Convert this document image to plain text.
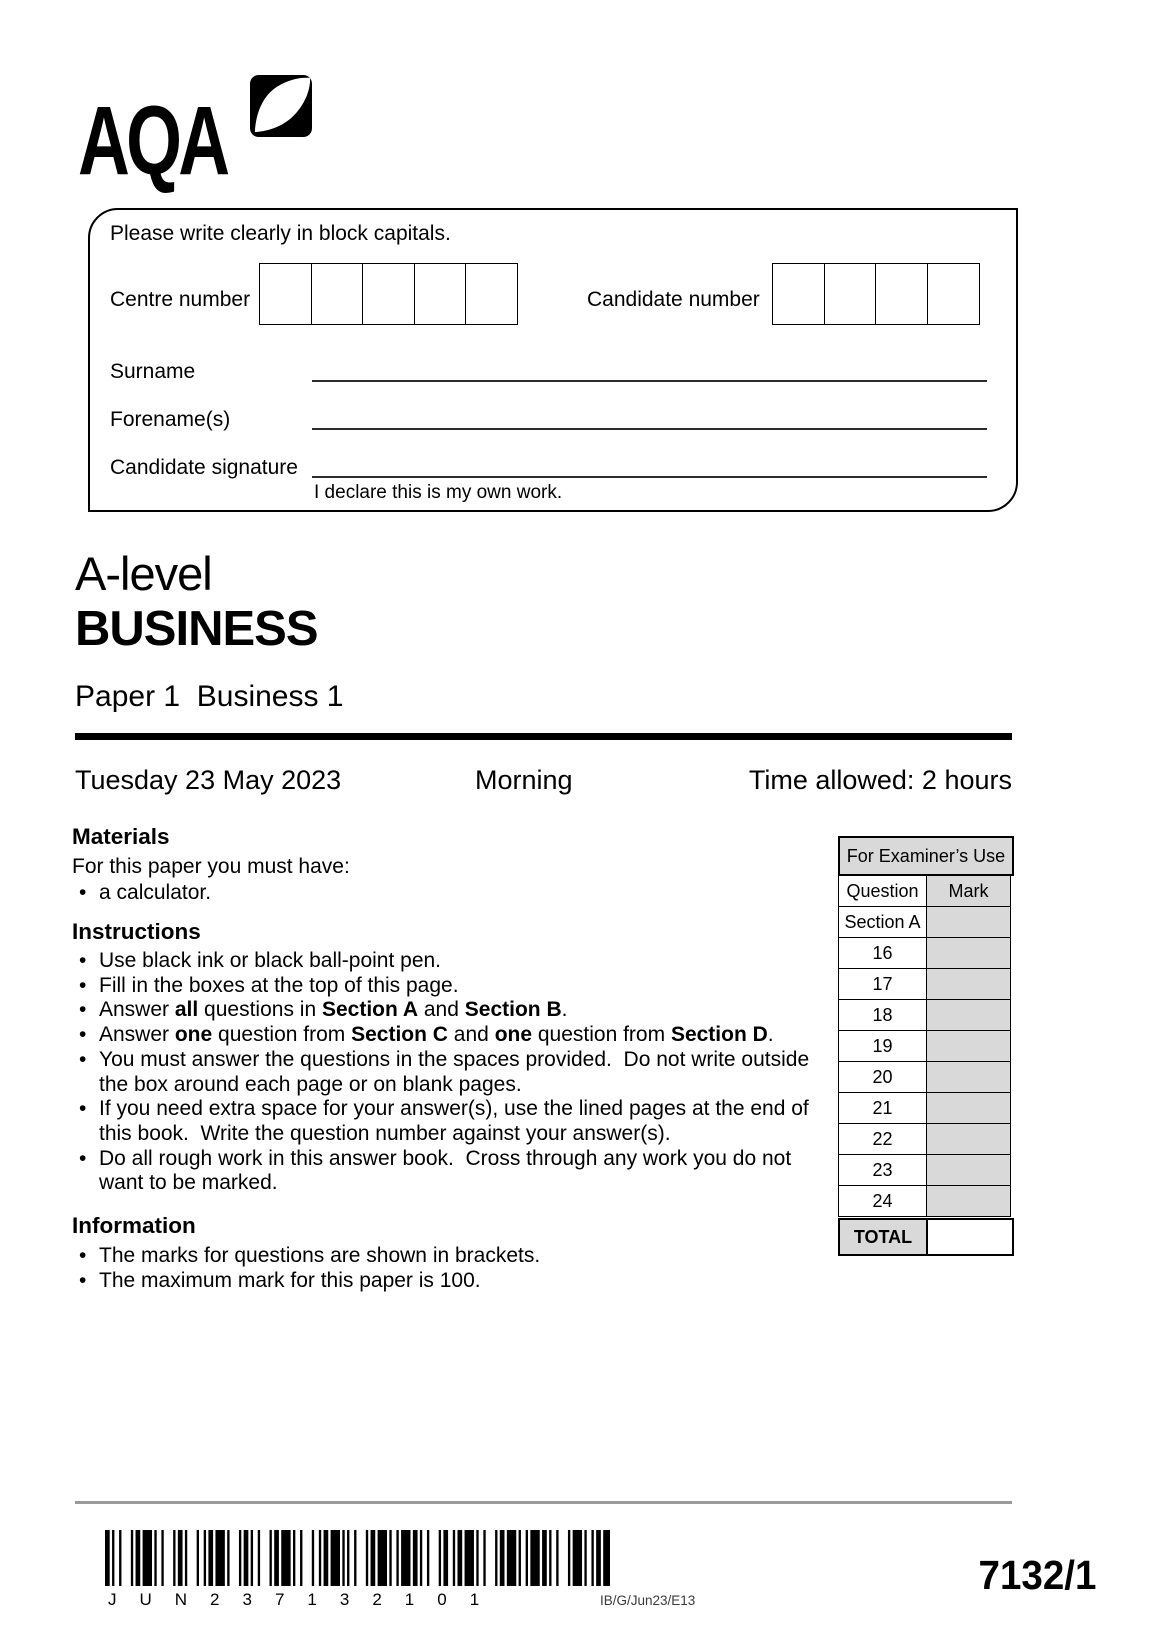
AQA
Please write clearly in block capitals.
Centre number	Candidate number
Surname
Forename(s)
Candidate signature
I declare this is my own work.
A-level
BUSINESS
Paper 1  Business 1
Tuesday 23 May 2023	Morning	Time allowed: 2 hours
Materials
For this paper you must have:
• a calculator.
Instructions
• Use black ink or black ball-point pen.
• Fill in the boxes at the top of this page.
• Answer all questions in Section A and Section B.
• Answer one question from Section C and one question from Section D.
• You must answer the questions in the spaces provided.  Do not write outside the box around each page or on blank pages.
• If you need extra space for your answer(s), use the lined pages at the end of this book.  Write the question number against your answer(s).
• Do all rough work in this answer book.  Cross through any work you do not want to be marked.
Information
• The marks for questions are shown in brackets.
• The maximum mark for this paper is 100.
For Examiner’s Use
Question	Mark
Section A
16
17
18
19
20
21
22
23
24
TOTAL
JUN237132101	IB/G/Jun23/E13
7132/1
